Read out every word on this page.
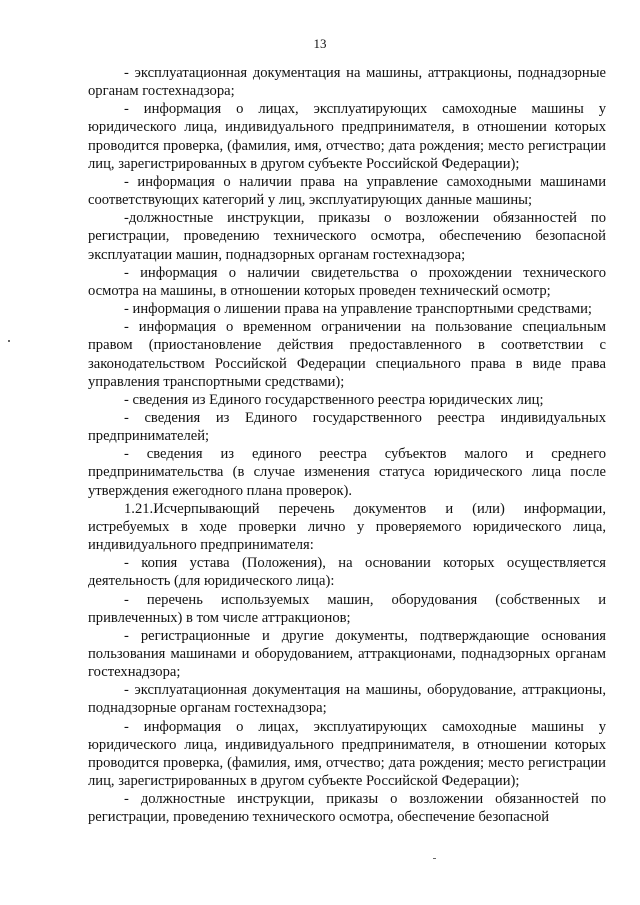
13

- эксплуатационная документация на машины, аттракционы, поднадзорные органам гостехнадзора;

- информация о лицах, эксплуатирующих самоходные машины у юридического лица, индивидуального предпринимателя, в отношении которых проводится проверка, (фамилия, имя, отчество; дата рождения; место регистрации лиц, зарегистрированных в другом субъекте Российской Федерации);

- информация о наличии права на управление самоходными машинами соответствующих категорий у лиц, эксплуатирующих данные машины;

-должностные инструкции, приказы о возложении обязанностей по регистрации, проведению технического осмотра, обеспечению безопасной эксплуатации машин, поднадзорных органам гостехнадзора;

- информация о наличии свидетельства о прохождении технического осмотра на машины, в отношении которых проведен технический осмотр;

- информация о лишении права на управление транспортными средствами;

- информация о временном ограничении на пользование специальным правом (приостановление действия предоставленного в соответствии с законодательством Российской Федерации специального права в виде права управления транспортными средствами);

- сведения из Единого государственного реестра юридических лиц;

- сведения из Единого государственного реестра индивидуальных предпринимателей;

- сведения из единого реестра субъектов малого и среднего предпринимательства (в случае изменения статуса юридического лица после утверждения ежегодного плана проверок).

1.21.Исчерпывающий перечень документов и (или) информации, истребуемых в ходе проверки лично у проверяемого юридического лица, индивидуального предпринимателя:

- копия устава (Положения), на основании которых осуществляется деятельность (для юридического лица):

- перечень используемых машин, оборудования (собственных и привлеченных) в том числе аттракционов;

- регистрационные и другие документы, подтверждающие основания пользования машинами и оборудованием, аттракционами, поднадзорных органам гостехнадзора;

- эксплуатационная документация на машины, оборудование, аттракционы, поднадзорные органам гостехнадзора;

- информация о лицах, эксплуатирующих самоходные машины у юридического лица, индивидуального предпринимателя, в отношении которых проводится проверка, (фамилия, имя, отчество; дата рождения; место регистрации лиц, зарегистрированных в другом субъекте Российской Федерации);

- должностные инструкции, приказы о возложении обязанностей по регистрации, проведению технического осмотра, обеспечение безопасной
